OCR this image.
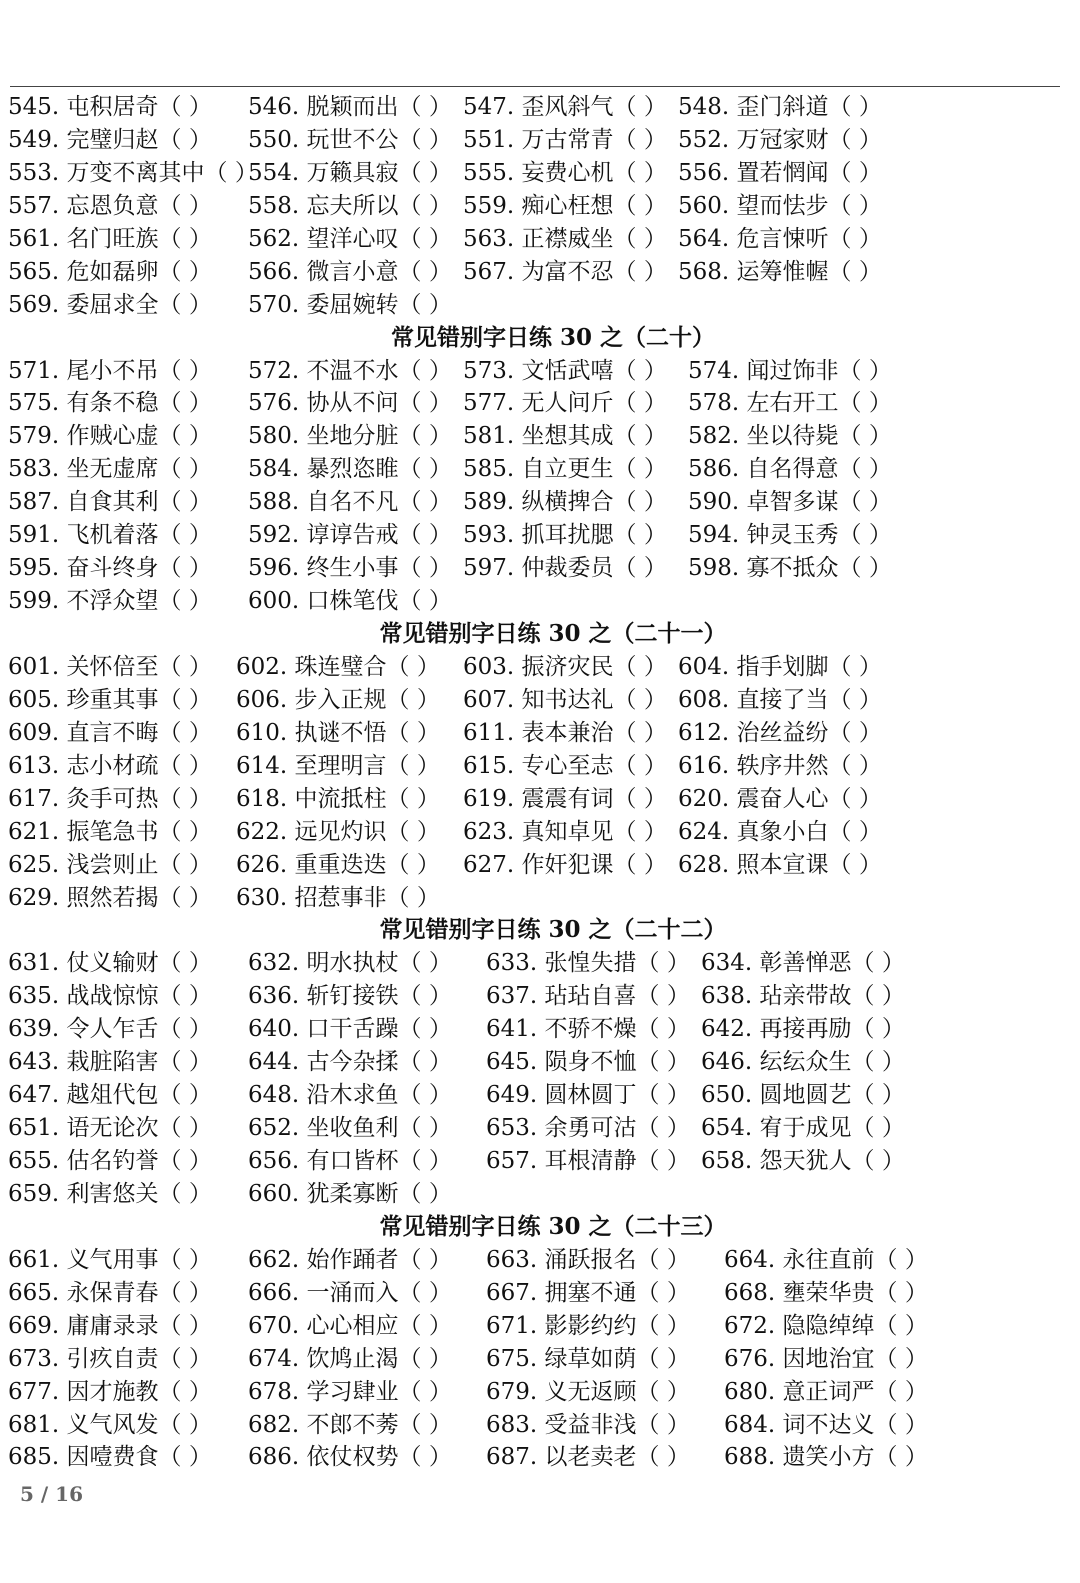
545. 屯积居奇（ ） 546. 脱颖而出（ ） 547. 歪风斜气（ ） 548. 歪门斜道（ ）
549. 完璧归赵（ ） 550. 玩世不公（ ） 551. 万古常青（ ） 552. 万冠家财（ ）
553. 万变不离其中（ ）
554. 万籁具寂（ ） 555. 妄费心机（ ） 556. 置若惘闻（ ）
557. 忘恩负意（ ） 558. 忘夫所以（ ） 559. 痴心枉想（ ） 560. 望而怯步（ ）
561. 名门旺族（ ） 562. 望洋心叹（ ） 563. 正襟威坐（ ） 564. 危言悚听（ ）
565. 危如磊卵（ ） 566. 微言小意（ ） 567. 为富不忍（ ） 568. 运筹惟幄（ ）
569. 委屈求全（ ） 570. 委屈婉转（ ）
常见错别字日练 30 之（二十）
571. 尾小不吊（ ） 572. 不温不水（ ） 573. 文恬武嘻（ ） 574. 闻过饰非（ ）
575. 有条不稳（ ） 576. 协从不问（ ） 577. 无人问斤（ ） 578. 左右开工（ ）
579. 作贼心虚（ ） 580. 坐地分脏（ ） 581. 坐想其成（ ） 582. 坐以待毙（ ）
583. 坐无虚席（ ） 584. 暴烈恣睢（ ） 585. 自立更生（ ） 586. 自名得意（ ）
587. 自食其利（ ） 588. 自名不凡（ ） 589. 纵横捭合（ ） 590. 卓智多谋（ ）
591. 飞机着落（ ） 592. 谆谆告戒（ ） 593. 抓耳扰腮（ ） 594. 钟灵玉秀（ ）
595. 奋斗终身（ ） 596. 终生小事（ ） 597. 仲裁委员（ ） 598. 寡不抵众（ ）
599. 不浮众望（ ） 600. 口株笔伐（ ）
常见错别字日练 30 之（二十一）
601. 关怀倍至（ ） 602. 珠连璧合（ ） 603. 振济灾民（ ） 604. 指手划脚（ ）
605. 珍重其事（ ） 606. 步入正规（ ） 607. 知书达礼（ ） 608. 直接了当（ ）
609. 直言不晦（ ） 610. 执谜不悟（ ） 611. 表本兼治（ ） 612. 治丝益纷（ ）
613. 志小材疏（ ） 614. 至理明言（ ） 615. 专心至志（ ） 616. 轶序井然（ ）
617. 灸手可热（ ） 618. 中流抵柱（ ） 619. 震震有词（ ） 620. 震奋人心（ ）
621. 振笔急书（ ） 622. 远见灼识（ ） 623. 真知卓见（ ） 624. 真象小白（ ）
625. 浅尝则止（ ） 626. 重重迭迭（ ） 627. 作奸犯课（ ） 628. 照本宣课（ ）
629. 照然若揭（ ） 630. 招惹事非（ ）
常见错别字日练 30 之（二十二）
631. 仗义输财（ ） 632. 明水执杖（ ） 633. 张惶失措（ ） 634. 彰善惮恶（ ）
635. 战战惊惊（ ） 636. 斩钉接铁（ ） 637. 玷玷自喜（ ） 638. 玷亲带故（ ）
639. 令人乍舌（ ） 640. 口干舌躁（ ） 641. 不骄不燥（ ） 642. 再接再励（ ）
643. 栽脏陷害（ ） 644. 古今杂揉（ ） 645. 陨身不恤（ ） 646. 纭纭众生（ ）
647. 越俎代包（ ） 648. 沿木求鱼（ ） 649. 圆林圆丁（ ） 650. 圆地圆艺（ ）
651. 语无论次（ ） 652. 坐收鱼利（ ） 653. 余勇可沽（ ） 654. 宥于成见（ ）
655. 估名钓誉（ ） 656. 有口皆杯（ ） 657. 耳根清静（ ） 658. 怨天犹人（ ）
659. 利害悠关（ ） 660. 犹柔寡断（ ）
常见错别字日练 30 之（二十三）
661. 义气用事（ ） 662. 始作踊者（ ） 663. 涌跃报名（ ） 664. 永往直前（ ）
665. 永保青春（ ） 666. 一涌而入（ ） 667. 拥塞不通（ ） 668. 壅荣华贵（ ）
669. 庸庸录录（ ） 670. 心心相应（ ） 671. 影影约约（ ） 672. 隐隐绰绰（ ）
673. 引疚自责（ ） 674. 饮鸠止渴（ ） 675. 绿草如荫（ ） 676. 因地治宜（ ）
677. 因才施教（ ） 678. 学习肆业（ ） 679. 义无返顾（ ） 680. 意正词严（ ）
681. 义气风发（ ） 682. 不郎不莠（ ） 683. 受益非浅（ ） 684. 词不达义（ ）
685. 因噎费食（ ） 686. 依仗权势（ ） 687. 以老卖老（ ） 688. 遗笑小方（ ）
5 / 16
